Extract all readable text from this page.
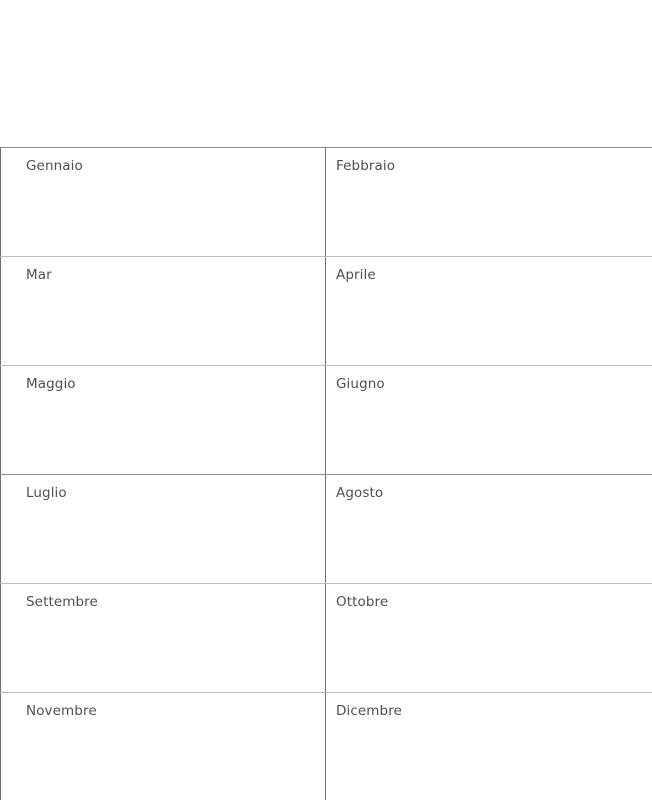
Gennaio	Febbraio
Mar	Aprile
Maggio	Giugno
Luglio	Agosto
Settembre	Ottobre
Novembre	Dicembre
